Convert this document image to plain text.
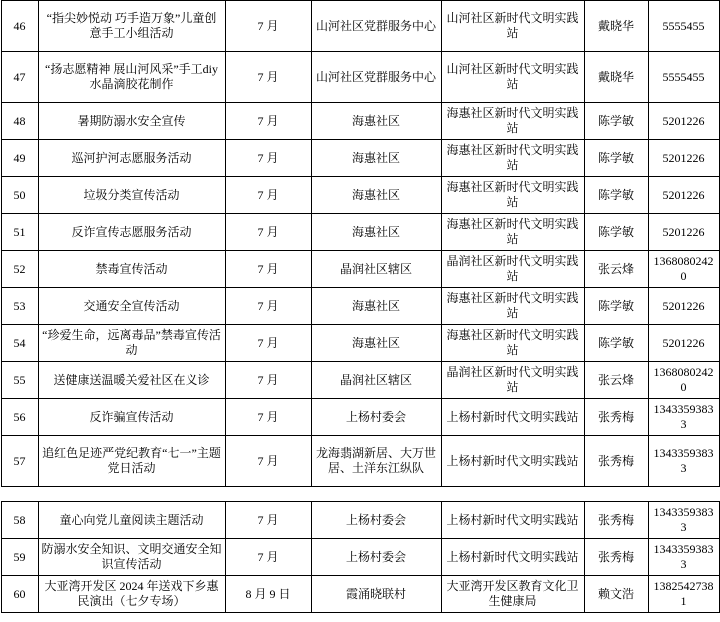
46	“指尖妙悦动 巧手造万象”儿童创意手工小组活动	7 月	山河社区党群服务中心	山河社区新时代文明实践站	戴晓华	5555455
47	“扬志愿精神 展山河风采”手工diy 水晶滴胶花制作	7 月	山河社区党群服务中心	山河社区新时代文明实践站	戴晓华	5555455
48	暑期防溺水安全宣传	7 月	海惠社区	海惠社区新时代文明实践站	陈学敏	5201226
49	巡河护河志愿服务活动	7 月	海惠社区	海惠社区新时代文明实践站	陈学敏	5201226
50	垃圾分类宣传活动	7 月	海惠社区	海惠社区新时代文明实践站	陈学敏	5201226
51	反诈宣传志愿服务活动	7 月	海惠社区	海惠社区新时代文明实践站	陈学敏	5201226
52	禁毒宣传活动	7 月	晶润社区辖区	晶润社区新时代文明实践站	张云烽	13680802420
53	交通安全宣传活动	7 月	海惠社区	海惠社区新时代文明实践站	陈学敏	5201226
54	“珍爱生命，远离毒品”禁毒宣传活动	7 月	海惠社区	海惠社区新时代文明实践站	陈学敏	5201226
55	送健康送温暖关爱社区在义诊	7 月	晶润社区辖区	晶润社区新时代文明实践站	张云烽	13680802420
56	反诈骗宣传活动	7 月	上杨村委会	上杨村新时代文明实践站	张秀梅	13433593833
57	追红色足迹严党纪教育“七一”主题党日活动	7 月	龙海翡湖新居、大万世居、土洋东江纵队	上杨村新时代文明实践站	张秀梅	13433593833
58	童心向党儿童阅读主题活动	7 月	上杨村委会	上杨村新时代文明实践站	张秀梅	13433593833
59	防溺水安全知识、文明交通安全知识宣传活动	7 月	上杨村委会	上杨村新时代文明实践站	张秀梅	13433593833
60	大亚湾开发区 2024 年送戏下乡惠民演出（七夕专场）	8 月 9 日	霞涌晓联村	大亚湾开发区教育文化卫生健康局	赖文浩	13825427381
